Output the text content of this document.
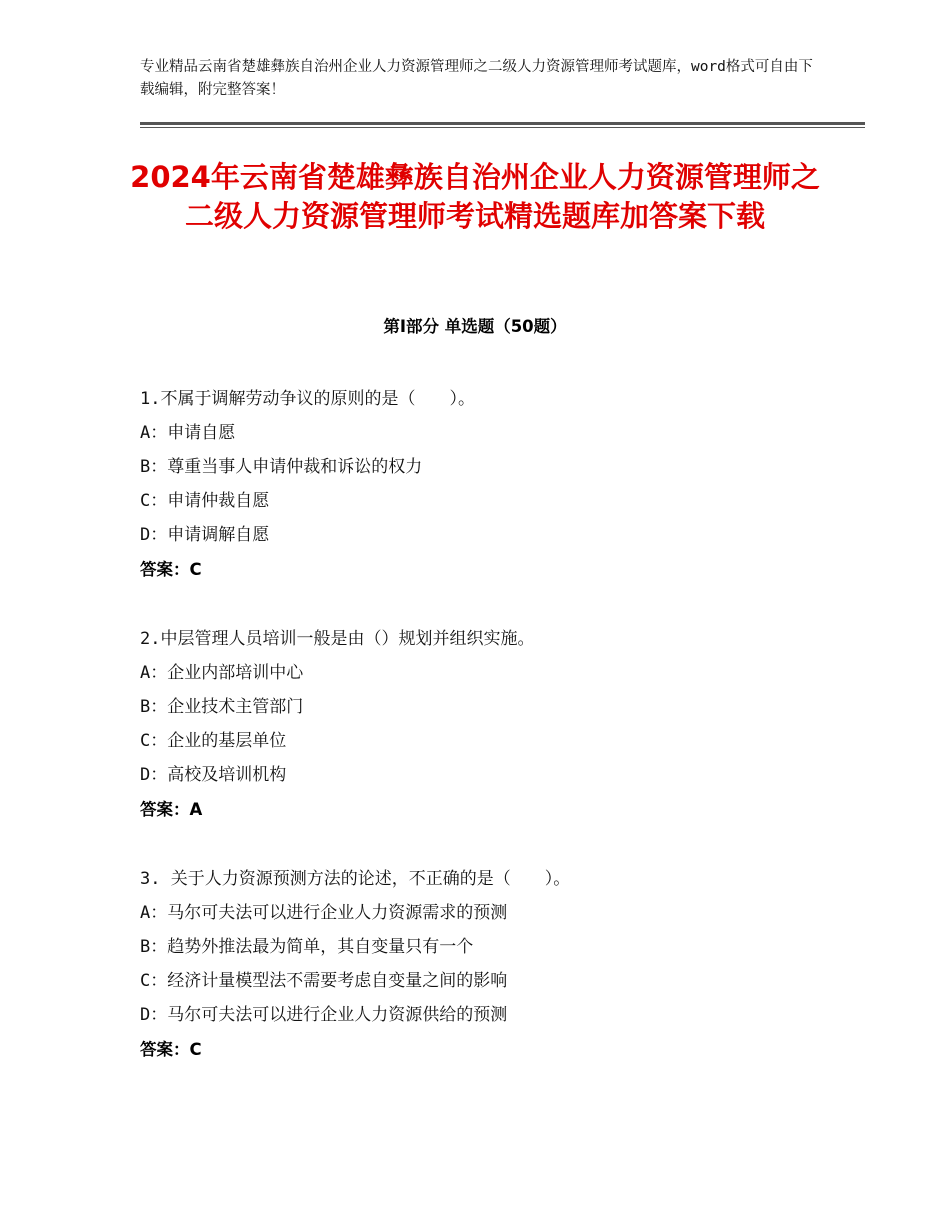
专业精品云南省楚雄彝族自治州企业人力资源管理师之二级人力资源管理师考试题库，word格式可自由下载编辑，附完整答案！
2024年云南省楚雄彝族自治州企业人力资源管理师之二级人力资源管理师考试精选题库加答案下载
第Ⅰ部分 单选题（50题）
1.不属于调解劳动争议的原则的是（　　）。
A：申请自愿
B：尊重当事人申请仲裁和诉讼的权力
C：申请仲裁自愿
D：申请调解自愿
答案：C
2.中层管理人员培训一般是由（）规划并组织实施。
A：企业内部培训中心
B：企业技术主管部门
C：企业的基层单位
D：高校及培训机构
答案：A
3. 关于人力资源预测方法的论述，不正确的是（　　）。
A：马尔可夫法可以进行企业人力资源需求的预测
B：趋势外推法最为简单，其自变量只有一个
C：经济计量模型法不需要考虑自变量之间的影响
D：马尔可夫法可以进行企业人力资源供给的预测
答案：C
